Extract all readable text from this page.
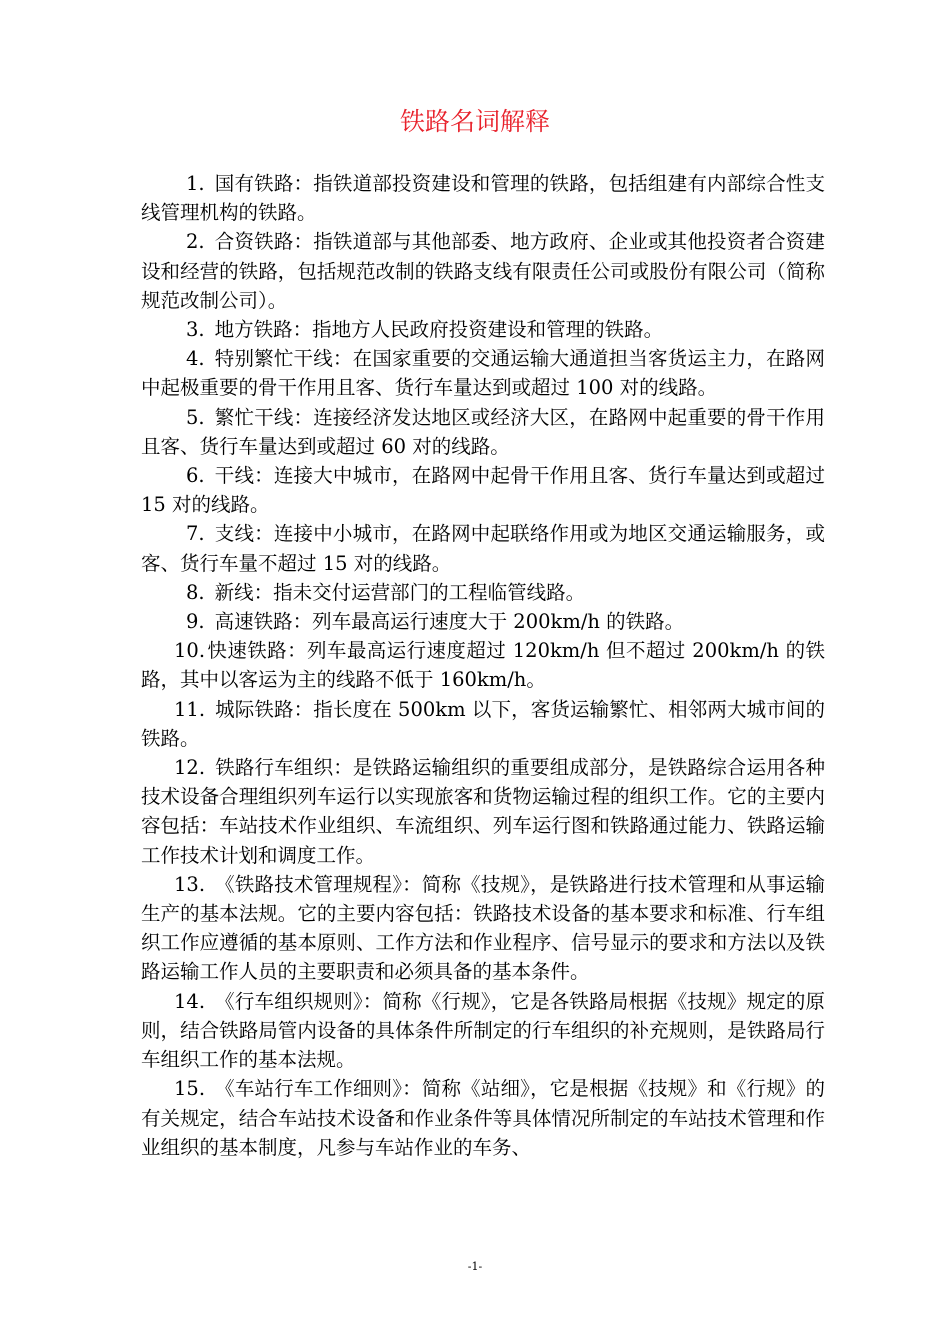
铁路名词解释

1. 国有铁路：指铁道部投资建设和管理的铁路，包括组建有内部综合性支线管理机构的铁路。

2. 合资铁路：指铁道部与其他部委、地方政府、企业或其他投资者合资建设和经营的铁路，包括规范改制的铁路支线有限责任公司或股份有限公司（简称规范改制公司）。

3. 地方铁路：指地方人民政府投资建设和管理的铁路。

4. 特别繁忙干线：在国家重要的交通运输大通道担当客货运主力，在路网中起极重要的骨干作用且客、货行车量达到或超过 100 对的线路。

5. 繁忙干线：连接经济发达地区或经济大区，在路网中起重要的骨干作用且客、货行车量达到或超过 60 对的线路。

6. 干线：连接大中城市，在路网中起骨干作用且客、货行车量达到或超过 15 对的线路。

7. 支线：连接中小城市，在路网中起联络作用或为地区交通运输服务，或客、货行车量不超过 15 对的线路。

8. 新线：指未交付运营部门的工程临管线路。

9. 高速铁路：列车最高运行速度大于 200km/h 的铁路。

10. 快速铁路：列车最高运行速度超过 120km/h 但不超过 200km/h 的铁路，其中以客运为主的线路不低于 160km/h。

11. 城际铁路：指长度在 500km 以下，客货运输繁忙、相邻两大城市间的铁路。

12. 铁路行车组织：是铁路运输组织的重要组成部分，是铁路综合运用各种技术设备合理组织列车运行以实现旅客和货物运输过程的组织工作。它的主要内容包括：车站技术作业组织、车流组织、列车运行图和铁路通过能力、铁路运输工作技术计划和调度工作。

13. 《铁路技术管理规程》：简称《技规》，是铁路进行技术管理和从事运输生产的基本法规。它的主要内容包括：铁路技术设备的基本要求和标准、行车组织工作应遵循的基本原则、工作方法和作业程序、信号显示的要求和方法以及铁路运输工作人员的主要职责和必须具备的基本条件。

14. 《行车组织规则》：简称《行规》，它是各铁路局根据《技规》规定的原则，结合铁路局管内设备的具体条件所制定的行车组织的补充规则，是铁路局行车组织工作的基本法规。

15. 《车站行车工作细则》：简称《站细》，它是根据《技规》和《行规》的有关规定，结合车站技术设备和作业条件等具体情况所制定的车站技术管理和作业组织的基本制度，凡参与车站作业的车务、

-1-
